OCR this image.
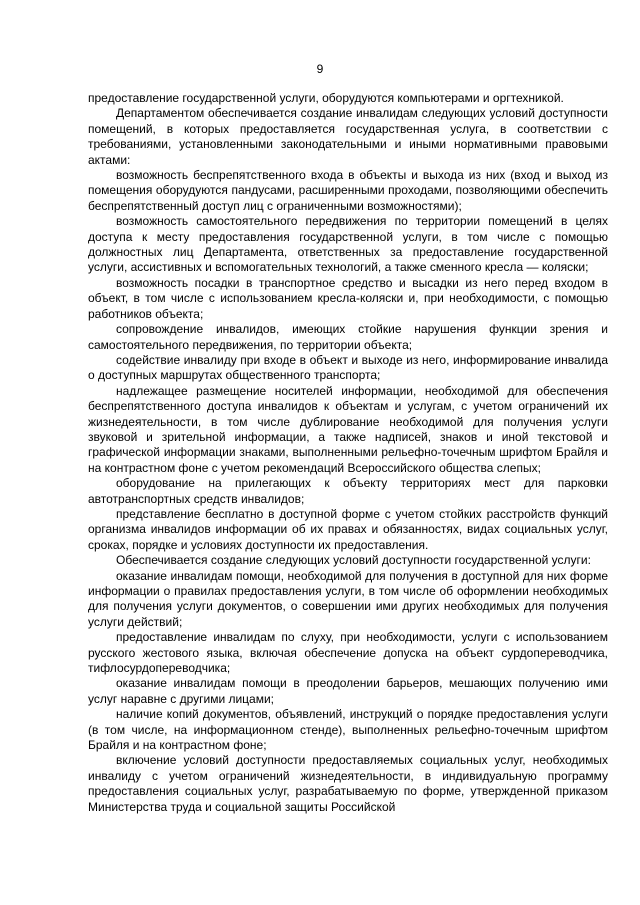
9

предоставление государственной услуги, оборудуются компьютерами и оргтехникой.

Департаментом обеспечивается создание инвалидам следующих условий доступности помещений, в которых предоставляется государственная услуга, в соответствии с требованиями, установленными законодательными и иными нормативными правовыми актами:

возможность беспрепятственного входа в объекты и выхода из них (вход и выход из помещения оборудуются пандусами, расширенными проходами, позволяющими обеспечить беспрепятственный доступ лиц с ограниченными возможностями);

возможность самостоятельного передвижения по территории помещений в целях доступа к месту предоставления государственной услуги, в том числе с помощью должностных лиц Департамента, ответственных за предоставление государственной услуги, ассистивных и вспомогательных технологий, а также сменного кресла — коляски;

возможность посадки в транспортное средство и высадки из него перед входом в объект, в том числе с использованием кресла-коляски и, при необходимости, с помощью работников объекта;

сопровождение инвалидов, имеющих стойкие нарушения функции зрения и самостоятельного передвижения, по территории объекта;

содействие инвалиду при входе в объект и выходе из него, информирование инвалида о доступных маршрутах общественного транспорта;

надлежащее размещение носителей информации, необходимой для обеспечения беспрепятственного доступа инвалидов к объектам и услугам, с учетом ограничений их жизнедеятельности, в том числе дублирование необходимой для получения услуги звуковой и зрительной информации, а также надписей, знаков и иной текстовой и графической информации знаками, выполненными рельефно-точечным шрифтом Брайля и на контрастном фоне с учетом рекомендаций Всероссийского общества слепых;

оборудование на прилегающих к объекту территориях мест для парковки автотранспортных средств инвалидов;

представление бесплатно в доступной форме с учетом стойких расстройств функций организма инвалидов информации об их правах и обязанностях, видах социальных услуг, сроках, порядке и условиях доступности их предоставления.

Обеспечивается создание следующих условий доступности государственной услуги:

оказание инвалидам помощи, необходимой для получения в доступной для них форме информации о правилах предоставления услуги, в том числе об оформлении необходимых для получения услуги документов, о совершении ими других необходимых для получения услуги действий;

предоставление инвалидам по слуху, при необходимости, услуги с использованием русского жестового языка, включая обеспечение допуска на объект сурдопереводчика, тифлосурдопереводчика;

оказание инвалидам помощи в преодолении барьеров, мешающих получению ими услуг наравне с другими лицами;

наличие копий документов, объявлений, инструкций о порядке предоставления услуги (в том числе, на информационном стенде), выполненных рельефно-точечным шрифтом Брайля и на контрастном фоне;

включение условий доступности предоставляемых социальных услуг, необходимых инвалиду с учетом ограничений жизнедеятельности, в индивидуальную программу предоставления социальных услуг, разрабатываемую по форме, утвержденной приказом Министерства труда и социальной защиты Российской
